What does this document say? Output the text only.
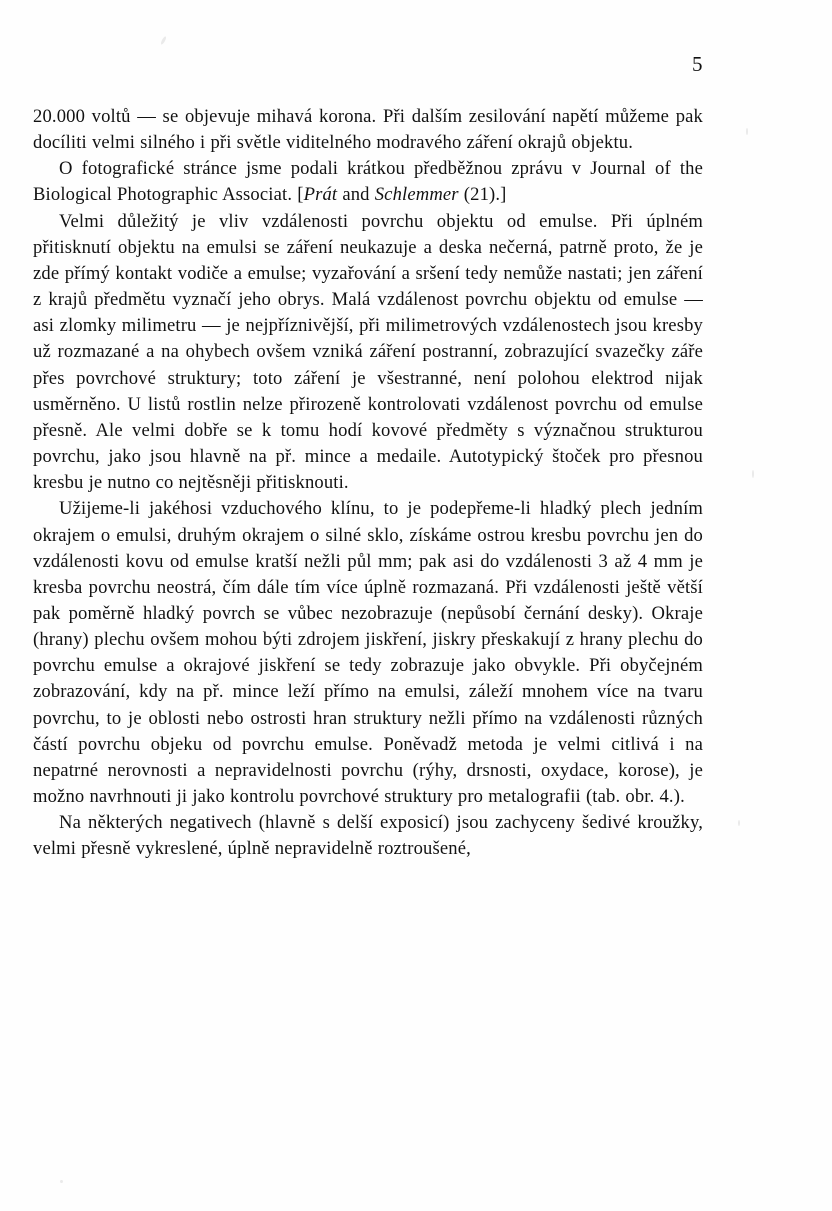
5

20.000 voltů — se objevuje mihavá korona. Při dalším zesilování napětí můžeme pak docíliti velmi silného i při světle viditelného modravého záření okrajů objektu.

O fotografické stránce jsme podali krátkou předběžnou zprávu v Journal of the Biological Photographic Associat. [Prát and Schlemmer (21).]

Velmi důležitý je vliv vzdálenosti povrchu objektu od emulse. Při úplném přitisknutí objektu na emulsi se záření neukazuje a deska nečerná, patrně proto, že je zde přímý kontakt vodiče a emulse; vyzařování a sršení tedy nemůže nastati; jen záření z krajů předmětu vyznačí jeho obrys. Malá vzdálenost povrchu objektu od emulse — asi zlomky milimetru — je nejpříznivější, při milimetrových vzdálenostech jsou kresby už rozmazané a na ohybech ovšem vzniká záření postranní, zobrazující svazečky záře přes povrchové struktury; toto záření je všestranné, není polohou elektrod nijak usměrněno. U listů rostlin nelze přirozeně kontrolovati vzdálenost povrchu od emulse přesně. Ale velmi dobře se k tomu hodí kovové předměty s význačnou strukturou povrchu, jako jsou hlavně na př. mince a medaile. Autotypický štoček pro přesnou kresbu je nutno co nejtěsněji přitisknouti.

Užijeme-li jakéhosi vzduchového klínu, to je podepřeme-li hladký plech jedním okrajem o emulsi, druhým okrajem o silné sklo, získáme ostrou kresbu povrchu jen do vzdálenosti kovu od emulse kratší nežli půl mm; pak asi do vzdálenosti 3 až 4 mm je kresba povrchu neostrá, čím dále tím více úplně rozmazaná. Při vzdálenosti ještě větší pak poměrně hladký povrch se vůbec nezobrazuje (nepůsobí černání desky). Okraje (hrany) plechu ovšem mohou býti zdrojem jiskření, jiskry přeskakují z hrany plechu do povrchu emulse a okrajové jiskření se tedy zobrazuje jako obvykle. Při obyčejném zobrazování, kdy na př. mince leží přímo na emulsi, záleží mnohem více na tvaru povrchu, to je oblosti nebo ostrosti hran struktury nežli přímo na vzdálenosti různých částí povrchu objeku od povrchu emulse. Poněvadž metoda je velmi citlivá i na nepatrné nerovnosti a nepravidelnosti povrchu (rýhy, drsnosti, oxydace, korose), je možno navrhnouti ji jako kontrolu povrchové struktury pro metalografii (tab. obr. 4.).

Na některých negativech (hlavně s delší exposicí) jsou zachyceny šedivé kroužky, velmi přesně vykreslené, úplně nepravidelně roztroušené,
